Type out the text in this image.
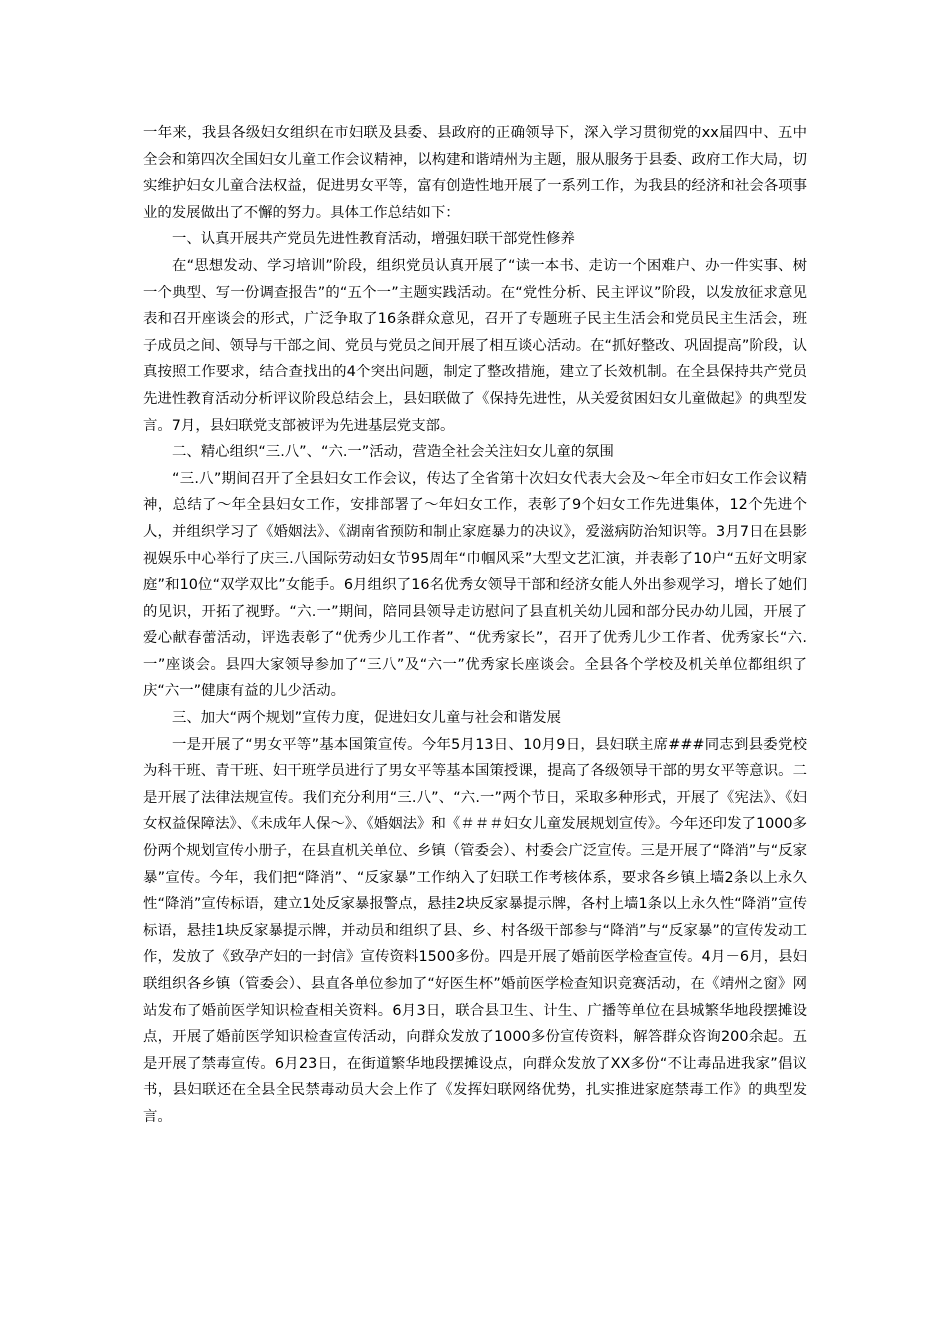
一年来，我县各级妇女组织在市妇联及县委、县政府的正确领导下，深入学习贯彻党的xx届四中、五中全会和第四次全国妇女儿童工作会议精神，以构建和谐靖州为主题，服从服务于县委、政府工作大局，切实维护妇女儿童合法权益，促进男女平等，富有创造性地开展了一系列工作，为我县的经济和社会各项事业的发展做出了不懈的努力。具体工作总结如下：

一、认真开展共产党员先进性教育活动，增强妇联干部党性修养

在“思想发动、学习培训”阶段，组织党员认真开展了“读一本书、走访一个困难户、办一件实事、树一个典型、写一份调查报告”的“五个一”主题实践活动。在“党性分析、民主评议”阶段，以发放征求意见表和召开座谈会的形式，广泛争取了16条群众意见，召开了专题班子民主生活会和党员民主生活会，班子成员之间、领导与干部之间、党员与党员之间开展了相互谈心活动。在“抓好整改、巩固提高”阶段，认真按照工作要求，结合查找出的4个突出问题，制定了整改措施，建立了长效机制。在全县保持共产党员先进性教育活动分析评议阶段总结会上，县妇联做了《保持先进性，从关爱贫困妇女儿童做起》的典型发言。7月，县妇联党支部被评为先进基层党支部。

二、精心组织“三.八”、“六.一”活动，营造全社会关注妇女儿童的氛围

“三.八”期间召开了全县妇女工作会议，传达了全省第十次妇女代表大会及～年全市妇女工作会议精神，总结了～年全县妇女工作，安排部署了～年妇女工作，表彰了9个妇女工作先进集体，12个先进个人，并组织学习了《婚姻法》、《湖南省预防和制止家庭暴力的决议》，爱滋病防治知识等。3月7日在县影视娱乐中心举行了庆三.八国际劳动妇女节95周年“巾帼风采”大型文艺汇演，并表彰了10户“五好文明家庭”和10位“双学双比”女能手。6月组织了16名优秀女领导干部和经济女能人外出参观学习，增长了她们的见识，开拓了视野。“六.一”期间，陪同县领导走访慰问了县直机关幼儿园和部分民办幼儿园，开展了爱心献春蕾活动，评选表彰了“优秀少儿工作者”、“优秀家长”，召开了优秀儿少工作者、优秀家长“六.一”座谈会。县四大家领导参加了“三八”及“六一”优秀家长座谈会。全县各个学校及机关单位都组织了庆“六一”健康有益的儿少活动。

三、加大“两个规划”宣传力度，促进妇女儿童与社会和谐发展

一是开展了“男女平等”基本国策宣传。今年5月13日、10月9日，县妇联主席###同志到县委党校为科干班、青干班、妇干班学员进行了男女平等基本国策授课，提高了各级领导干部的男女平等意识。二是开展了法律法规宣传。我们充分利用“三.八”、“六.一”两个节日，采取多种形式，开展了《宪法》、《妇女权益保障法》、《未成年人保～》、《婚姻法》和《＃＃＃妇女儿童发展规划宣传》。今年还印发了1000多份两个规划宣传小册子，在县直机关单位、乡镇（管委会）、村委会广泛宣传。三是开展了“降消”与“反家暴”宣传。今年，我们把“降消”、“反家暴”工作纳入了妇联工作考核体系，要求各乡镇上墙2条以上永久性“降消”宣传标语，建立1处反家暴报警点，悬挂2块反家暴提示牌，各村上墙1条以上永久性“降消”宣传标语，悬挂1块反家暴提示牌，并动员和组织了县、乡、村各级干部参与“降消”与“反家暴”的宣传发动工作，发放了《致孕产妇的一封信》宣传资料1500多份。四是开展了婚前医学检查宣传。4月－6月，县妇联组织各乡镇（管委会）、县直各单位参加了“好医生杯”婚前医学检查知识竞赛活动，在《靖州之窗》网站发布了婚前医学知识检查相关资料。6月3日，联合县卫生、计生、广播等单位在县城繁华地段摆摊设点，开展了婚前医学知识检查宣传活动，向群众发放了1000多份宣传资料，解答群众咨询200余起。五是开展了禁毒宣传。6月23日，在街道繁华地段摆摊设点，向群众发放了XX多份“不让毒品进我家”倡议书，县妇联还在全县全民禁毒动员大会上作了《发挥妇联网络优势，扎实推进家庭禁毒工作》的典型发言。
